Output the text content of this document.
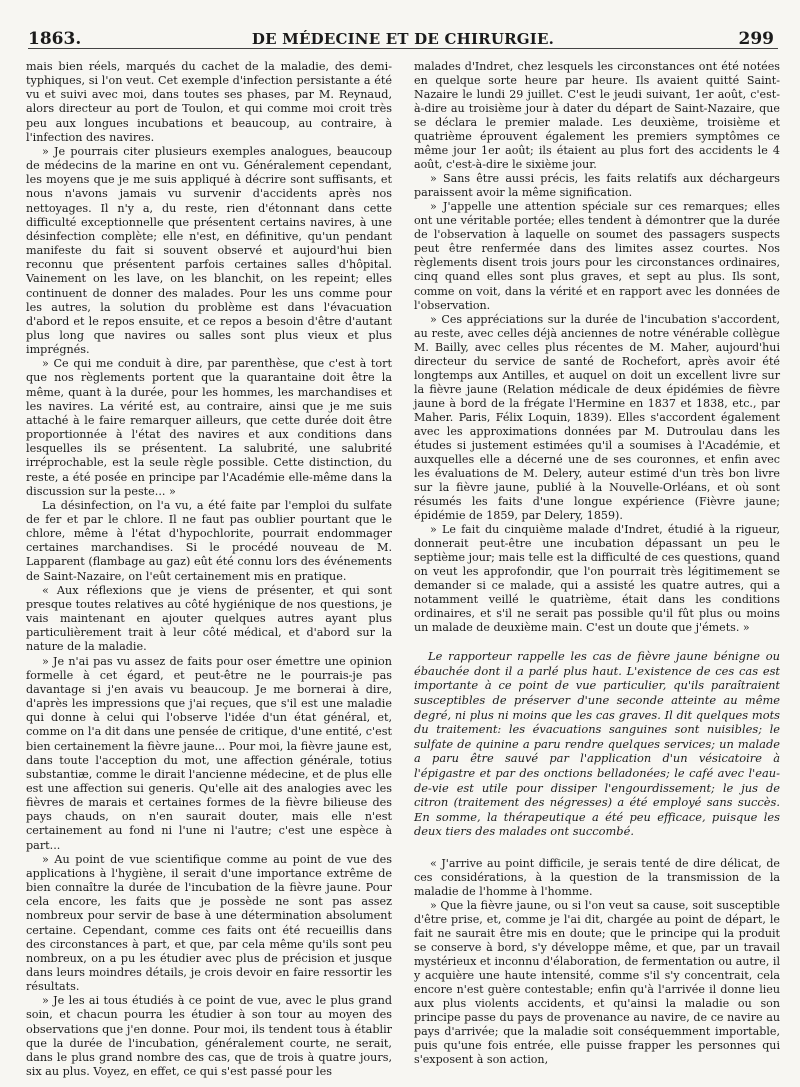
1863.	DE MÉDECINE ET DE CHIRURGIE.	299

mais bien réels, marqués du cachet de la maladie, des demi-typhiques, si l'on veut. Cet exemple d'infection persistante a été vu et suivi avec moi, dans toutes ses phases, par M. Reynaud, alors directeur au port de Toulon, et qui comme moi croit très peu aux longues incubations et beaucoup, au contraire, à l'infection des navires.

» Je pourrais citer plusieurs exemples analogues, beaucoup de médecins de la marine en ont vu. Généralement cependant, les moyens que je me suis appliqué à décrire sont suffisants, et nous n'avons jamais vu survenir d'accidents après nos nettoyages. Il n'y a, du reste, rien d'étonnant dans cette difficulté exceptionnelle que présentent certains navires, à une désinfection complète; elle n'est, en définitive, qu'un pendant manifeste du fait si souvent observé et aujourd'hui bien reconnu que présentent parfois certaines salles d'hôpital. Vainement on les lave, on les blanchit, on les repeint; elles continuent de donner des malades. Pour les uns comme pour les autres, la solution du problème est dans l'évacuation d'abord et le repos ensuite, et ce repos a besoin d'être d'autant plus long que navires ou salles sont plus vieux et plus imprégnés.

» Ce qui me conduit à dire, par parenthèse, que c'est à tort que nos règlements portent que la quarantaine doit être la même, quant à la durée, pour les hommes, les marchandises et les navires. La vérité est, au contraire, ainsi que je me suis attaché à le faire remarquer ailleurs, que cette durée doit être proportionnée à l'état des navires et aux conditions dans lesquelles ils se présentent. La salubrité, une salubrité irréprochable, est la seule règle possible. Cette distinction, du reste, a été posée en principe par l'Académie elle-même dans la discussion sur la peste... »

La désinfection, on l'a vu, a été faite par l'emploi du sulfate de fer et par le chlore. Il ne faut pas oublier pourtant que le chlore, même à l'état d'hypochlorite, pourrait endommager certaines marchandises. Si le procédé nouveau de M. Lapparent (flambage au gaz) eût été connu lors des événements de Saint-Nazaire, on l'eût certainement mis en pratique.

« Aux réflexions que je viens de présenter, et qui sont presque toutes relatives au côté hygiénique de nos questions, je vais maintenant en ajouter quelques autres ayant plus particulièrement trait à leur côté médical, et d'abord sur la nature de la maladie.

» Je n'ai pas vu assez de faits pour oser émettre une opinion formelle à cet égard, et peut-être ne le pourrais-je pas davantage si j'en avais vu beaucoup. Je me bornerai à dire, d'après les impressions que j'ai reçues, que s'il est une maladie qui donne à celui qui l'observe l'idée d'un état général, et, comme on l'a dit dans une pensée de critique, d'une entité, c'est bien certainement la fièvre jaune... Pour moi, la fièvre jaune est, dans toute l'acception du mot, une affection générale, totius substantiæ, comme le dirait l'ancienne médecine, et de plus elle est une affection sui generis. Qu'elle ait des analogies avec les fièvres de marais et certaines formes de la fièvre bilieuse des pays chauds, on n'en saurait douter, mais elle n'est certainement au fond ni l'une ni l'autre; c'est une espèce à part...

» Au point de vue scientifique comme au point de vue des applications à l'hygiène, il serait d'une importance extrême de bien connaître la durée de l'incubation de la fièvre jaune. Pour cela encore, les faits que je possède ne sont pas assez nombreux pour servir de base à une détermination absolument certaine. Cependant, comme ces faits ont été recueillis dans des circonstances à part, et que, par cela même qu'ils sont peu nombreux, on a pu les étudier avec plus de précision et jusque dans leurs moindres détails, je crois devoir en faire ressortir les résultats.

» Je les ai tous étudiés à ce point de vue, avec le plus grand soin, et chacun pourra les étudier à son tour au moyen des observations que j'en donne. Pour moi, ils tendent tous à établir que la durée de l'incubation, généralement courte, ne serait, dans le plus grand nombre des cas, que de trois à quatre jours, six au plus. Voyez, en effet, ce qui s'est passé pour les

malades d'Indret, chez lesquels les circonstances ont été notées en quelque sorte heure par heure. Ils avaient quitté Saint-Nazaire le lundi 29 juillet. C'est le jeudi suivant, 1er août, c'est-à-dire au troisième jour à dater du départ de Saint-Nazaire, que se déclara le premier malade. Les deuxième, troisième et quatrième éprouvent également les premiers symptômes ce même jour 1er août; ils étaient au plus fort des accidents le 4 août, c'est-à-dire le sixième jour.

» Sans être aussi précis, les faits relatifs aux déchargeurs paraissent avoir la même signification.

» J'appelle une attention spéciale sur ces remarques; elles ont une véritable portée; elles tendent à démontrer que la durée de l'observation à laquelle on soumet des passagers suspects peut être renfermée dans des limites assez courtes. Nos règlements disent trois jours pour les circonstances ordinaires, cinq quand elles sont plus graves, et sept au plus. Ils sont, comme on voit, dans la vérité et en rapport avec les données de l'observation.

» Ces appréciations sur la durée de l'incubation s'accordent, au reste, avec celles déjà anciennes de notre vénérable collègue M. Bailly, avec celles plus récentes de M. Maher, aujourd'hui directeur du service de santé de Rochefort, après avoir été longtemps aux Antilles, et auquel on doit un excellent livre sur la fièvre jaune (Relation médicale de deux épidémies de fièvre jaune à bord de la frégate l'Hermine en 1837 et 1838, etc., par Maher. Paris, Félix Loquin, 1839). Elles s'accordent également avec les approximations données par M. Dutroulau dans les études si justement estimées qu'il a soumises à l'Académie, et auxquelles elle a décerné une de ses couronnes, et enfin avec les évaluations de M. Delery, auteur estimé d'un très bon livre sur la fièvre jaune, publié à la Nouvelle-Orléans, et où sont résumés les faits d'une longue expérience (Fièvre jaune; épidémie de 1859, par Delery, 1859).

» Le fait du cinquième malade d'Indret, étudié à la rigueur, donnerait peut-être une incubation dépassant un peu le septième jour; mais telle est la difficulté de ces questions, quand on veut les approfondir, que l'on pourrait très légitimement se demander si ce malade, qui a assisté les quatre autres, qui a notamment veillé le quatrième, était dans les conditions ordinaires, et s'il ne serait pas possible qu'il fût plus ou moins un malade de deuxième main. C'est un doute que j'émets. »

Le rapporteur rappelle les cas de fièvre jaune bénigne ou ébauchée dont il a parlé plus haut. L'existence de ces cas est importante à ce point de vue particulier, qu'ils paraîtraient susceptibles de préserver d'une seconde atteinte au même degré, ni plus ni moins que les cas graves. Il dit quelques mots du traitement: les évacuations sanguines sont nuisibles; le sulfate de quinine a paru rendre quelques services; un malade a paru être sauvé par l'application d'un vésicatoire à l'épigastre et par des onctions belladonées; le café avec l'eau-de-vie est utile pour dissiper l'engourdissement; le jus de citron (traitement des négresses) a été employé sans succès. En somme, la thérapeutique a été peu efficace, puisque les deux tiers des malades ont succombé.

« J'arrive au point difficile, je serais tenté de dire délicat, de ces considérations, à la question de la transmission de la maladie de l'homme à l'homme.

» Que la fièvre jaune, ou si l'on veut sa cause, soit susceptible d'être prise, et, comme je l'ai dit, chargée au point de départ, le fait ne saurait être mis en doute; que le principe qui la produit se conserve à bord, s'y développe même, et que, par un travail mystérieux et inconnu d'élaboration, de fermentation ou autre, il y acquière une haute intensité, comme s'il s'y concentrait, cela encore n'est guère contestable; enfin qu'à l'arrivée il donne lieu aux plus violents accidents, et qu'ainsi la maladie ou son principe passe du pays de provenance au navire, de ce navire au pays d'arrivée; que la maladie soit conséquemment importable, puis qu'une fois entrée, elle puisse frapper les personnes qui s'exposent à son action,
